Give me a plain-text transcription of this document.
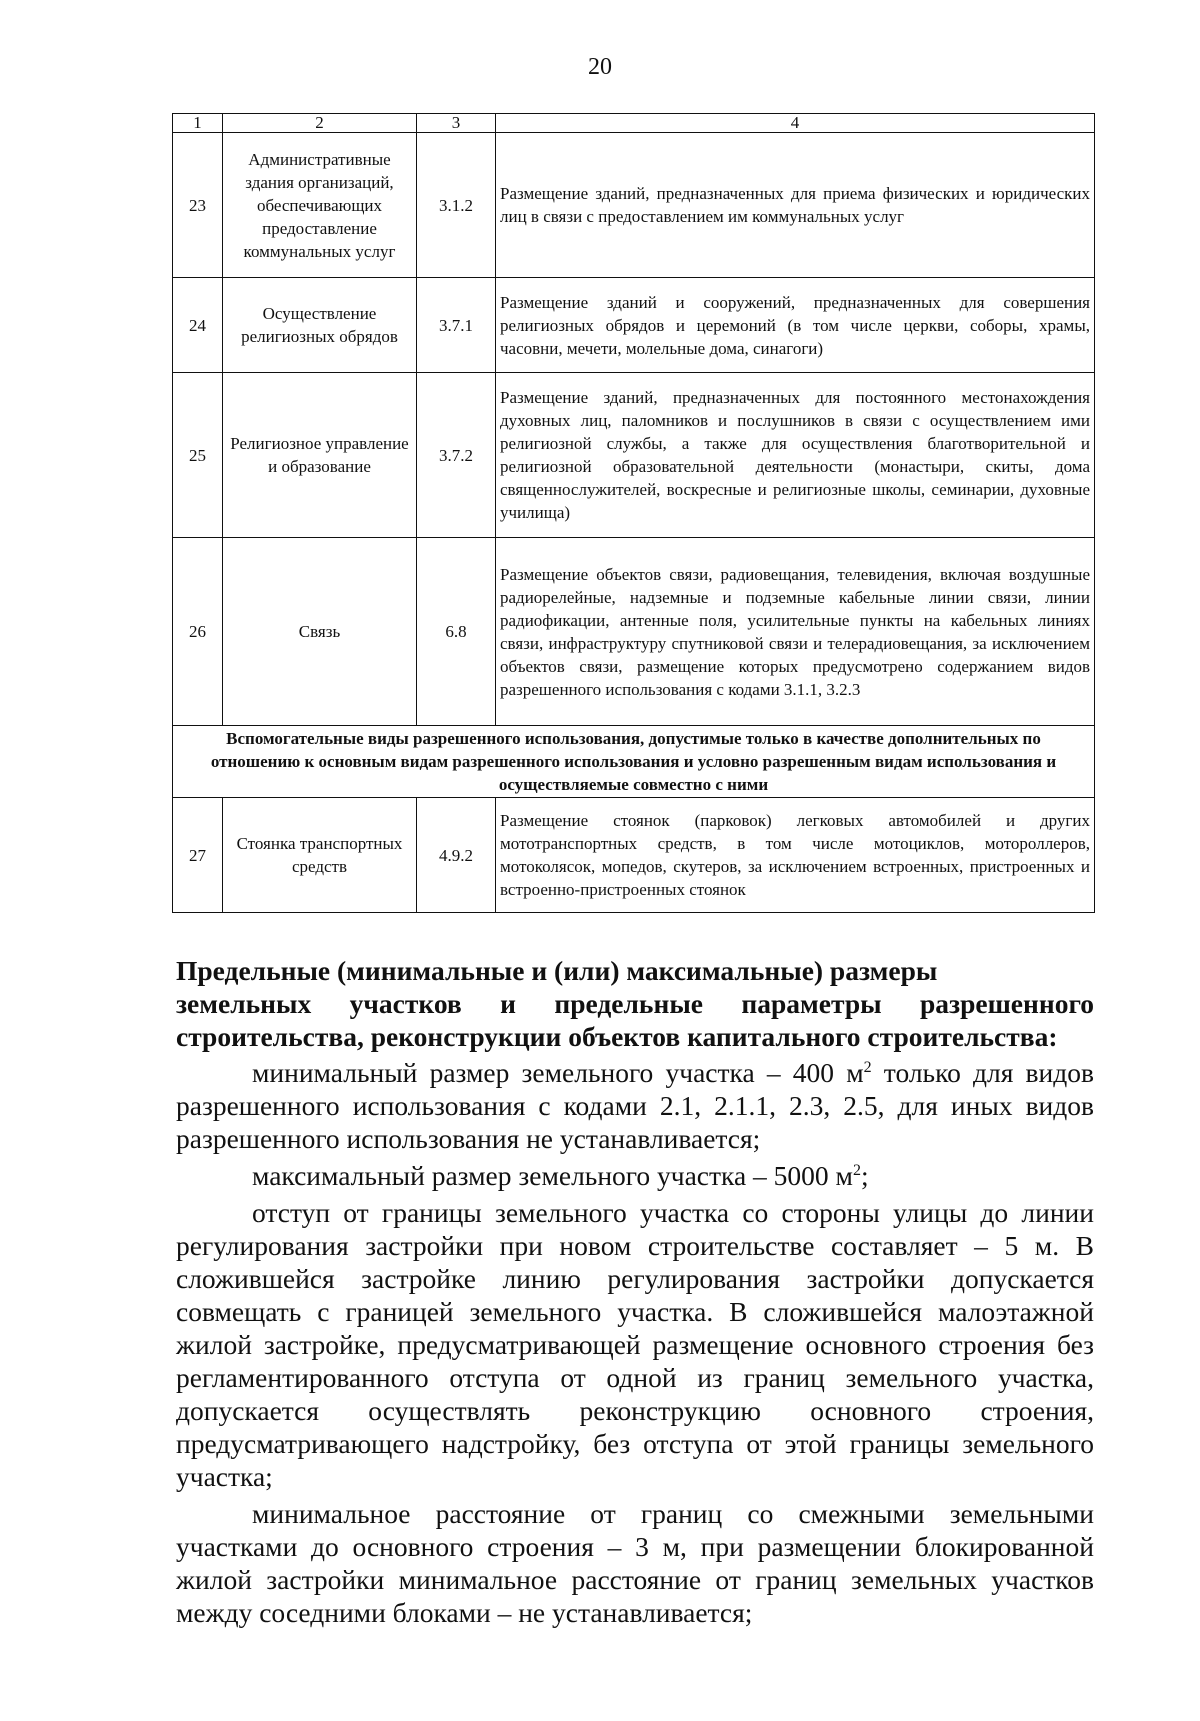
20
1	2	3	4
23	Административные здания организаций, обеспечивающих предоставление коммунальных услуг	3.1.2	Размещение зданий, предназначенных для приема физических и юридических лиц в связи с предоставлением им коммунальных услуг
24	Осуществление религиозных обрядов	3.7.1	Размещение зданий и сооружений, предназначенных для совершения религиозных обрядов и церемоний (в том числе церкви, соборы, храмы, часовни, мечети, молельные дома, синагоги)
25	Религиозное управление и образование	3.7.2	Размещение зданий, предназначенных для постоянного местонахождения духовных лиц, паломников и послушников в связи с осуществлением ими религиозной службы, а также для осуществления благотворительной и религиозной образовательной деятельности (монастыри, скиты, дома священнослужителей, воскресные и религиозные школы, семинарии, духовные училища)
26	Связь	6.8	Размещение объектов связи, радиовещания, телевидения, включая воздушные радиорелейные, надземные и подземные кабельные линии связи, линии радиофикации, антенные поля, усилительные пункты на кабельных линиях связи, инфраструктуру спутниковой связи и телерадиовещания, за исключением объектов связи, размещение которых предусмотрено содержанием видов разрешенного использования с кодами 3.1.1, 3.2.3
Вспомогательные виды разрешенного использования, допустимые только в качестве дополнительных по отношению к основным видам разрешенного использования и условно разрешенным видам использования и осуществляемые совместно с ними			
27	Стоянка транспортных средств	4.9.2	Размещение стоянок (парковок) легковых автомобилей и других мототранспортных средств, в том числе мотоциклов, мотороллеров, мотоколясок, мопедов, скутеров, за исключением встроенных, пристроенных и встроенно-пристроенных стоянок
Предельные (минимальные и (или) максимальные) размеры
земельных участков и предельные параметры разрешенного строительства, реконструкции объектов капитального строительства:

минимальный размер земельного участка – 400 $м^2$ только для видов разрешенного использования с кодами 2.1, 2.1.1, 2.3, 2.5, для иных видов разрешенного использования не устанавливается;

максимальный размер земельного участка – 5000 $м^2$;

отступ от границы земельного участка со стороны улицы до линии регулирования застройки при новом строительстве составляет – 5 м. В сложившейся застройке линию регулирования застройки допускается совмещать с границей земельного участка. В сложившейся малоэтажной жилой застройке, предусматривающей размещение основного строения без регламентированного отступа от одной из границ земельного участка, допускается осуществлять реконструкцию основного строения, предусматривающего надстройку, без отступа от этой границы земельного участка;

минимальное расстояние от границ со смежными земельными участками до основного строения – 3 м, при размещении блокированной жилой застройки минимальное расстояние от границ земельных участков между соседними блоками – не устанавливается;
